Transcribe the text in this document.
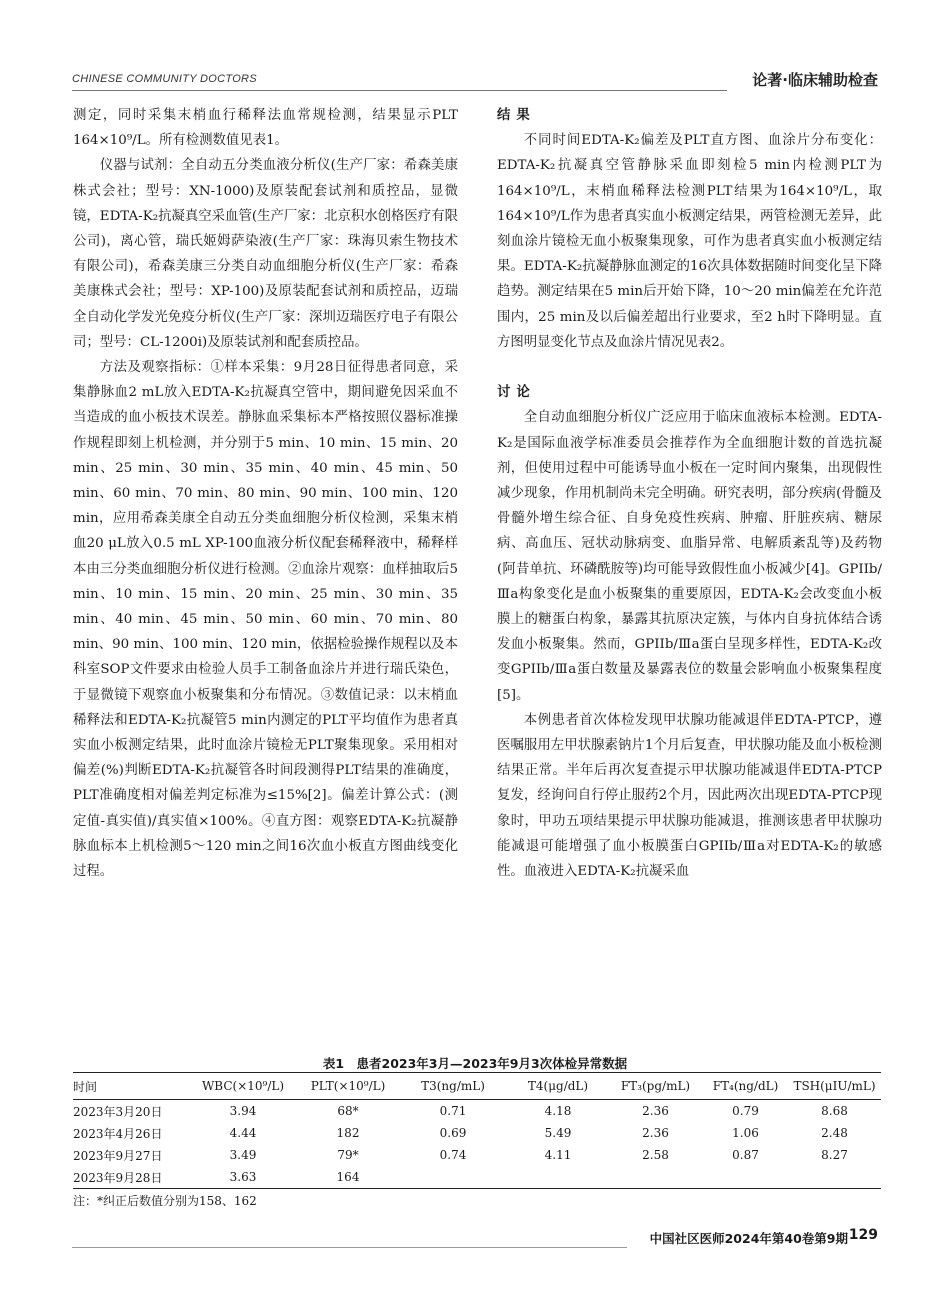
CHINESE COMMUNITY DOCTORS	论著·临床辅助检查

测定，同时采集末梢血行稀释法血常规检测，结果显示PLT 164×10⁹/L。所有检测数值见表1。

仪器与试剂：全自动五分类血液分析仪(生产厂家：希森美康株式会社；型号：XN-1000)及原装配套试剂和质控品，显微镜，EDTA-K₂抗凝真空采血管(生产厂家：北京积水创格医疗有限公司)，离心管，瑞氏姬姆萨染液(生产厂家：珠海贝索生物技术有限公司)，希森美康三分类自动血细胞分析仪(生产厂家：希森美康株式会社；型号：XP-100)及原装配套试剂和质控品，迈瑞全自动化学发光免疫分析仪(生产厂家：深圳迈瑞医疗电子有限公司；型号：CL-1200i)及原装试剂和配套质控品。

方法及观察指标：①样本采集：9月28日征得患者同意，采集静脉血2 mL放入EDTA-K₂抗凝真空管中，期间避免因采血不当造成的血小板技术误差。静脉血采集标本严格按照仪器标准操作规程即刻上机检测，并分别于5 min、10 min、15 min、20 min、25 min、30 min、35 min、40 min、45 min、50 min、60 min、70 min、80 min、90 min、100 min、120 min，应用希森美康全自动五分类血细胞分析仪检测，采集末梢血20 μL放入0.5 mL XP-100血液分析仪配套稀释液中，稀释样本由三分类血细胞分析仪进行检测。②血涂片观察：血样抽取后5 min、10 min、15 min、20 min、25 min、30 min、35 min、40 min、45 min、50 min、60 min、70 min、80 min、90 min、100 min、120 min，依据检验操作规程以及本科室SOP文件要求由检验人员手工制备血涂片并进行瑞氏染色，于显微镜下观察血小板聚集和分布情况。③数值记录：以末梢血稀释法和EDTA-K₂抗凝管5 min内测定的PLT平均值作为患者真实血小板测定结果，此时血涂片镜检无PLT聚集现象。采用相对偏差(%)判断EDTA-K₂抗凝管各时间段测得PLT结果的准确度，PLT准确度相对偏差判定标准为≤15%[2]。偏差计算公式：(测定值-真实值)/真实值×100%。④直方图：观察EDTA-K₂抗凝静脉血标本上机检测5～120 min之间16次血小板直方图曲线变化过程。

结果

不同时间EDTA-K₂偏差及PLT直方图、血涂片分布变化：EDTA-K₂抗凝真空管静脉采血即刻检5 min内检测PLT为164×10⁹/L，末梢血稀释法检测PLT结果为164×10⁹/L，取164×10⁹/L作为患者真实血小板测定结果，两管检测无差异，此刻血涂片镜检无血小板聚集现象，可作为患者真实血小板测定结果。EDTA-K₂抗凝静脉血测定的16次具体数据随时间变化呈下降趋势。测定结果在5 min后开始下降，10～20 min偏差在允许范围内，25 min及以后偏差超出行业要求，至2 h时下降明显。直方图明显变化节点及血涂片情况见表2。

讨论

全自动血细胞分析仪广泛应用于临床血液标本检测。EDTA-K₂是国际血液学标准委员会推荐作为全血细胞计数的首选抗凝剂，但使用过程中可能诱导血小板在一定时间内聚集，出现假性减少现象，作用机制尚未完全明确。研究表明，部分疾病(骨髓及骨髓外增生综合征、自身免疫性疾病、肿瘤、肝脏疾病、糖尿病、高血压、冠状动脉病变、血脂异常、电解质紊乱等)及药物(阿昔单抗、环磷酰胺等)均可能导致假性血小板减少[4]。GPIIb/Ⅲa构象变化是血小板聚集的重要原因，EDTA-K₂会改变血小板膜上的糖蛋白构象，暴露其抗原决定簇，与体内自身抗体结合诱发血小板聚集。然而，GPIIb/Ⅲa蛋白呈现多样性，EDTA-K₂改变GPIIb/Ⅲa蛋白数量及暴露表位的数量会影响血小板聚集程度[5]。

本例患者首次体检发现甲状腺功能减退伴EDTA-PTCP，遵医嘱服用左甲状腺素钠片1个月后复查，甲状腺功能及血小板检测结果正常。半年后再次复查提示甲状腺功能减退伴EDTA-PTCP复发，经询问自行停止服药2个月，因此两次出现EDTA-PTCP现象时，甲功五项结果提示甲状腺功能减退，推测该患者甲状腺功能减退可能增强了血小板膜蛋白GPIIb/Ⅲa对EDTA-K₂的敏感性。血液进入EDTA-K₂抗凝采血

表1　患者2023年3月—2023年9月3次体检异常数据
时间	WBC(×10⁹/L)	PLT(×10⁹/L)	T3(ng/mL)	T4(μg/dL)	FT₃(pg/mL)	FT₄(ng/dL)	TSH(μIU/mL)
2023年3月20日	3.94	68*	0.71	4.18	2.36	0.79	8.68
2023年4月26日	4.44	182	0.69	5.49	2.36	1.06	2.48
2023年9月27日	3.49	79*	0.74	4.11	2.58	0.87	8.27
2023年9月28日	3.63	164					
注：*纠正后数值分别为158、162
中国社区医师2024年第40卷第9期 129
